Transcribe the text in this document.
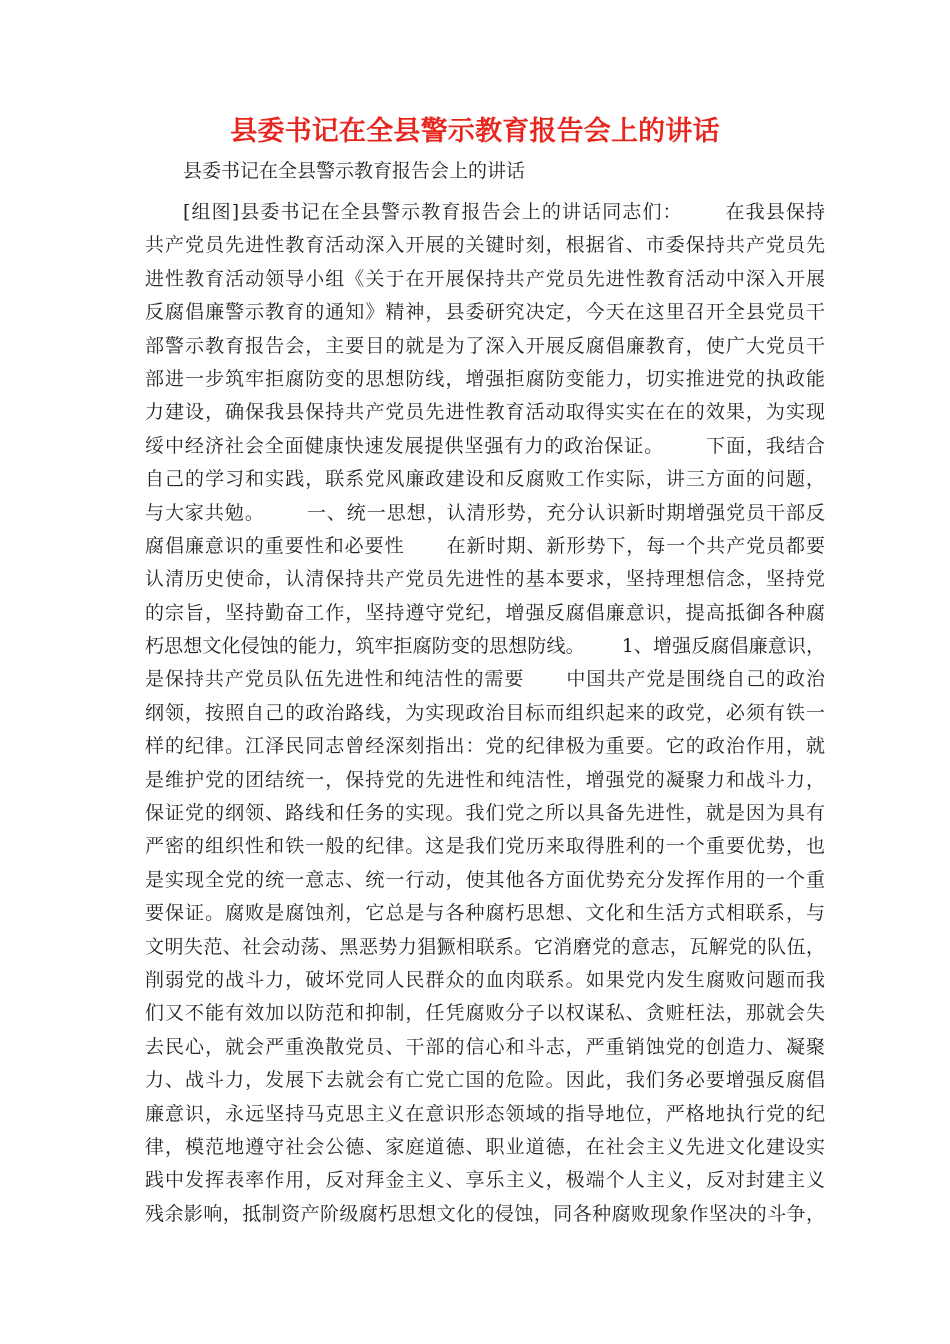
县委书记在全县警示教育报告会上的讲话
县委书记在全县警示教育报告会上的讲话
[组图]县委书记在全县警示教育报告会上的讲话同志们：      在我县保持
共产党员先进性教育活动深入开展的关键时刻，根据省、市委保持共产党员先
进性教育活动领导小组《关于在开展保持共产党员先进性教育活动中深入开展
反腐倡廉警示教育的通知》精神，县委研究决定，今天在这里召开全县党员干
部警示教育报告会，主要目的就是为了深入开展反腐倡廉教育，使广大党员干
部进一步筑牢拒腐防变的思想防线，增强拒腐防变能力，切实推进党的执政能
力建设，确保我县保持共产党员先进性教育活动取得实实在在的效果，为实现
绥中经济社会全面健康快速发展提供坚强有力的政治保证。      下面，我结合
自己的学习和实践，联系党风廉政建设和反腐败工作实际，讲三方面的问题，
与大家共勉。      一、统一思想，认清形势，充分认识新时期增强党员干部反
腐倡廉意识的重要性和必要性      在新时期、新形势下，每一个共产党员都要
认清历史使命，认清保持共产党员先进性的基本要求，坚持理想信念，坚持党
的宗旨，坚持勤奋工作，坚持遵守党纪，增强反腐倡廉意识，提高抵御各种腐
朽思想文化侵蚀的能力，筑牢拒腐防变的思想防线。      1、增强反腐倡廉意识，
是保持共产党员队伍先进性和纯洁性的需要      中国共产党是围绕自己的政治
纲领，按照自己的政治路线，为实现政治目标而组织起来的政党，必须有铁一
样的纪律。江泽民同志曾经深刻指出：党的纪律极为重要。它的政治作用，就
是维护党的团结统一，保持党的先进性和纯洁性，增强党的凝聚力和战斗力，
保证党的纲领、路线和任务的实现。我们党之所以具备先进性，就是因为具有
严密的组织性和铁一般的纪律。这是我们党历来取得胜利的一个重要优势，也
是实现全党的统一意志、统一行动，使其他各方面优势充分发挥作用的一个重
要保证。腐败是腐蚀剂，它总是与各种腐朽思想、文化和生活方式相联系，与
文明失范、社会动荡、黑恶势力猖獗相联系。它消磨党的意志，瓦解党的队伍，
削弱党的战斗力，破坏党同人民群众的血肉联系。如果党内发生腐败问题而我
们又不能有效加以防范和抑制，任凭腐败分子以权谋私、贪赃枉法，那就会失
去民心，就会严重涣散党员、干部的信心和斗志，严重销蚀党的创造力、凝聚
力、战斗力，发展下去就会有亡党亡国的危险。因此，我们务必要增强反腐倡
廉意识，永远坚持马克思主义在意识形态领域的指导地位，严格地执行党的纪
律，模范地遵守社会公德、家庭道德、职业道德，在社会主义先进文化建设实
践中发挥表率作用，反对拜金主义、享乐主义，极端个人主义，反对封建主义
残余影响，抵制资产阶级腐朽思想文化的侵蚀，同各种腐败现象作坚决的斗争，
